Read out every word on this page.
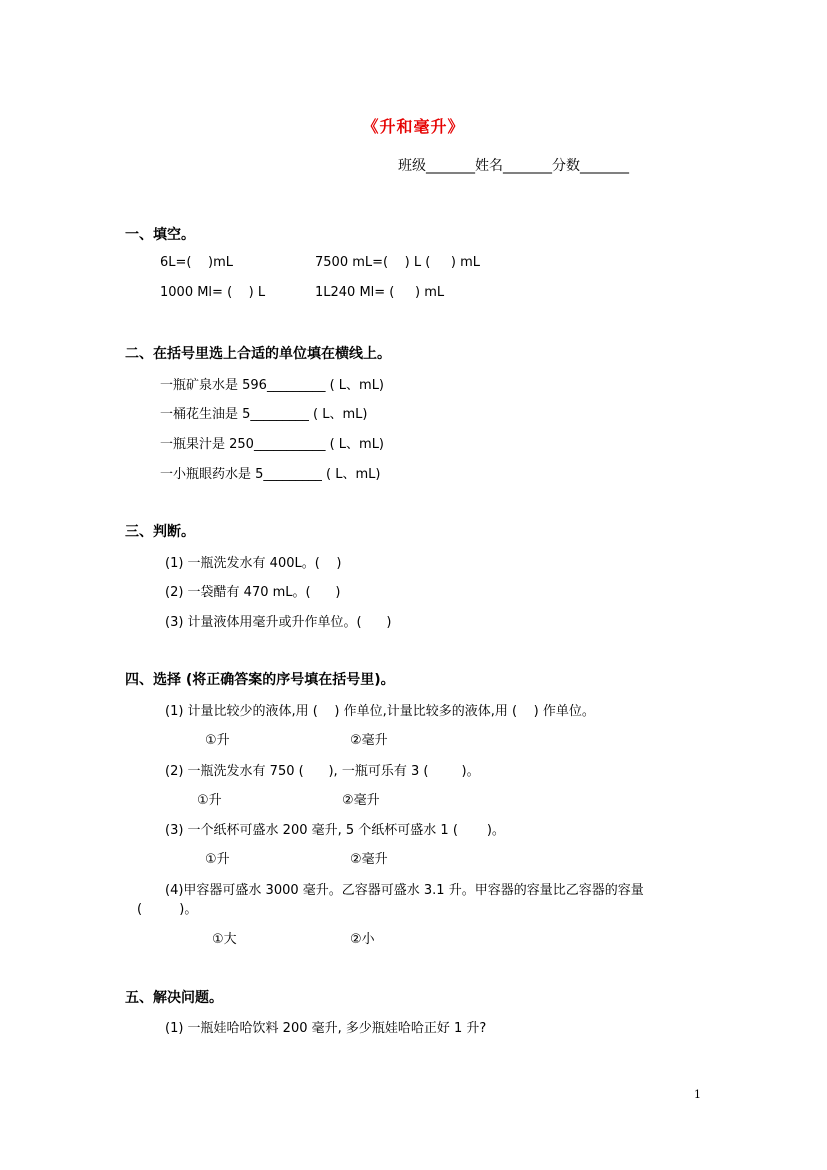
《升和毫升》
班级_______姓名_______分数_______
一、填空。
6L=(    )mL	7500 mL=(    ) L (     ) mL
1000 Ml= (    ) L	1L240 Ml= (     ) mL
二、在括号里选上合适的单位填在横线上。
一瓶矿泉水是 596_________ ( L、mL)
一桶花生油是 5_________ ( L、mL)
一瓶果汁是 250___________ ( L、mL)
一小瓶眼药水是 5_________ ( L、mL)
三、判断。
(1) 一瓶洗发水有 400L。(    )
(2) 一袋醋有 470 mL。(      )
(3) 计量液体用毫升或升作单位。(      )
四、选择 (将正确答案的序号填在括号里)。
(1) 计量比较少的液体,用 (    ) 作单位,计量比较多的液体,用 (    ) 作单位。
①升	②毫升
(2) 一瓶洗发水有 750 (      ), 一瓶可乐有 3 (        )。
①升	②毫升
(3) 一个纸杯可盛水 200 毫升, 5 个纸杯可盛水 1 (       )。
①升	②毫升
(4)甲容器可盛水 3000 毫升。乙容器可盛水 3.1 升。甲容器的容量比乙容器的容量
(         )。
①大	②小
五、解决问题。
(1) 一瓶娃哈哈饮料 200 毫升, 多少瓶娃哈哈正好 1 升?
1
